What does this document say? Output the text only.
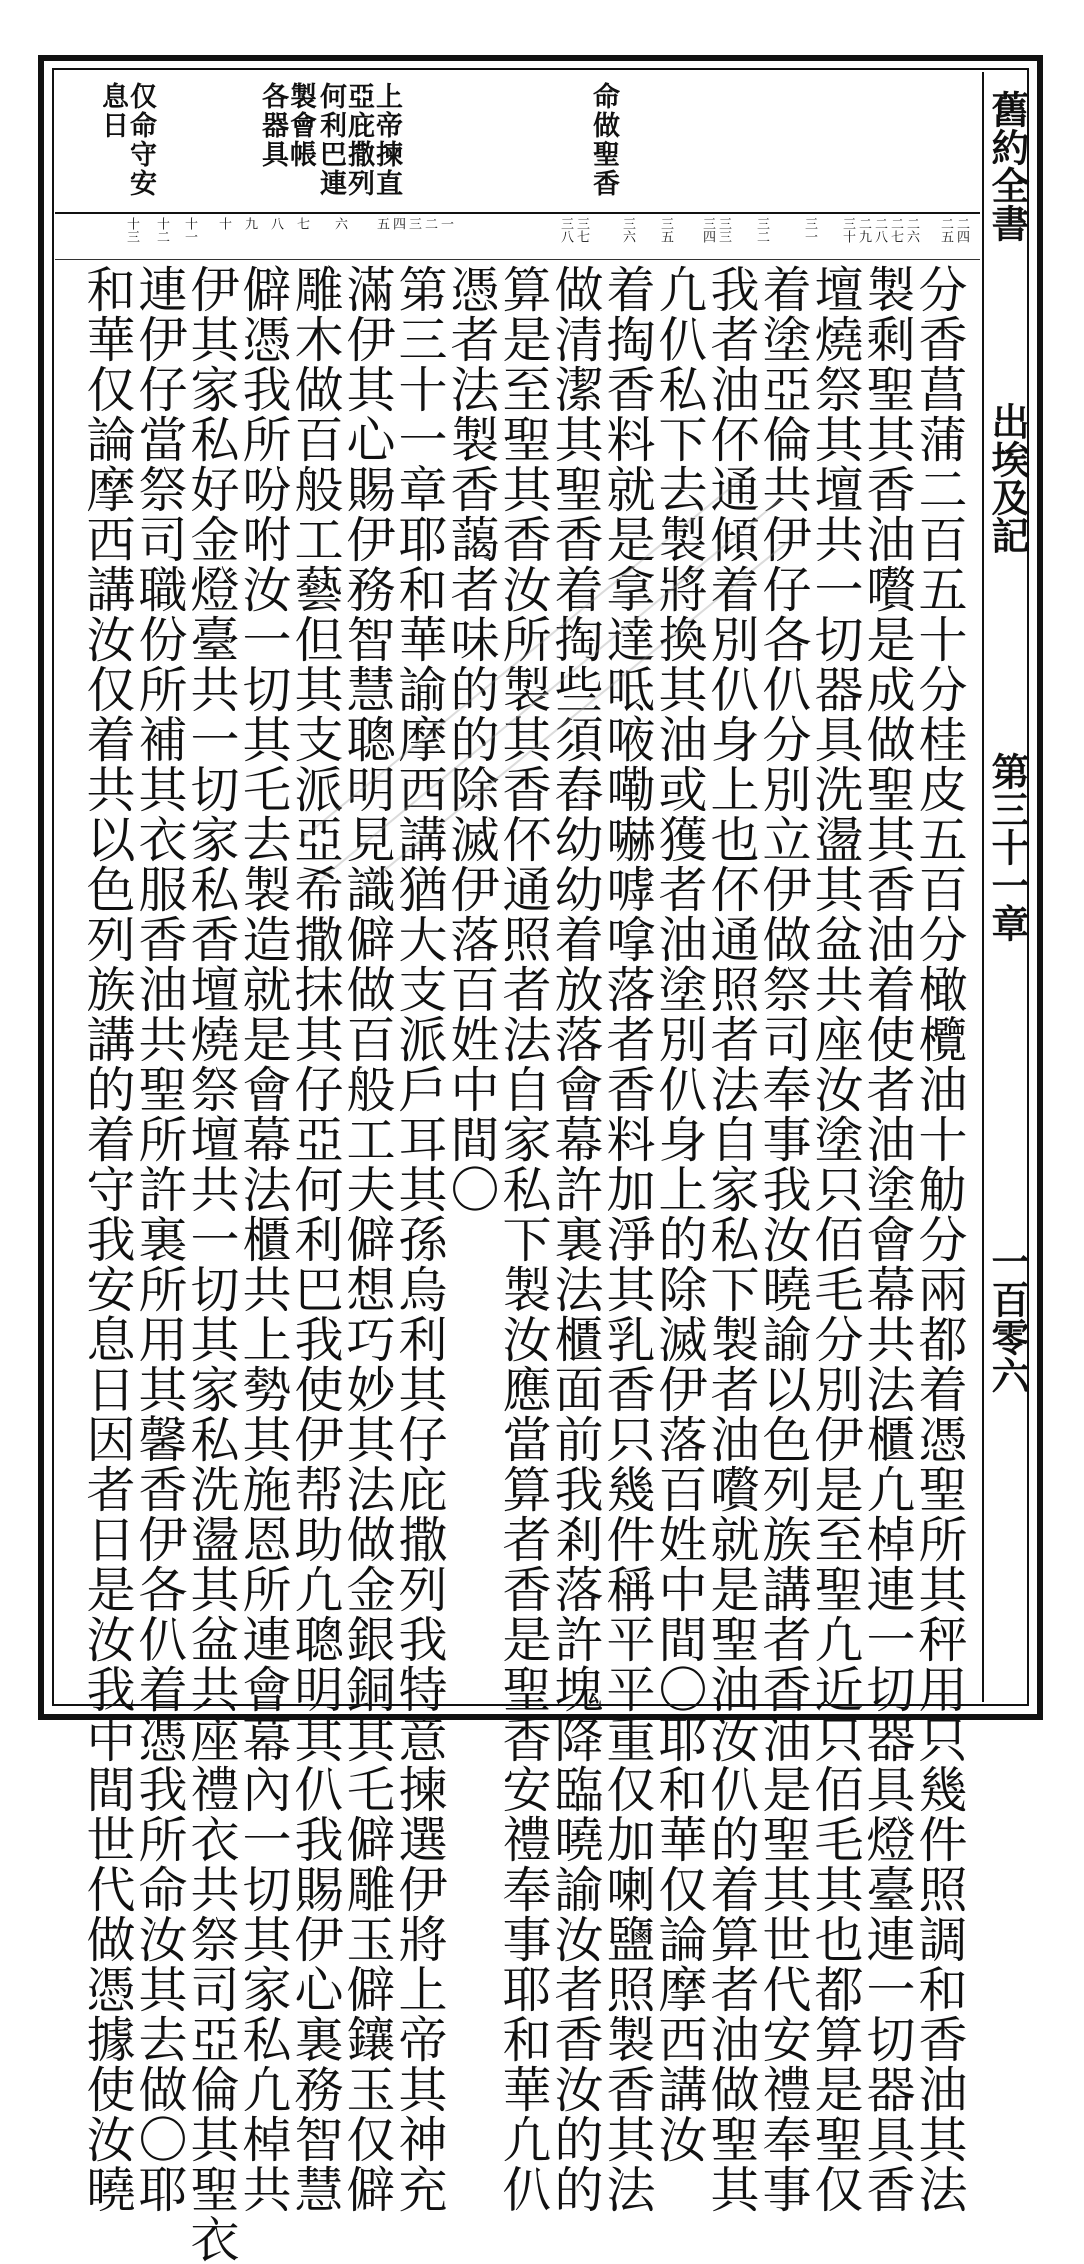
舊約全書
出埃及記
第三十一章
一百零六
命做聖香
上帝揀直
亞庇撒列
何利巴連
製會帳
各器具
仅命守安
息日
二四
二五
二六
二七
二八
二九
三十
三一
三二
三三
三四
三五
三六
三七
三八
一
二
三
四
五
六
七
八
九
十
十一
十二
十三
分香菖蒲二百五十分桂皮五百分橄欖油十觔分兩都着憑聖所其秤用只幾件照調和香油其法
製剩聖其香油嚽是成做聖其香油着使者油塗會幕共法櫃凢棹連一切器具燈臺連一切器具香
壇燒祭其壇共一切器具洗盪其盆共座汝塗只佰毛分別伊是至聖凢近只佰毛其也都算是聖仅
着塗亞倫共伊仔各仈分別立伊做祭司奉事我汝曉諭以色列族講者香油是聖其世代安禮奉事
我者油伓通傾着別仈身上也伓通照者法自家私下製者油嚽就是聖油汝仈的着算者油做聖其
凢仈私下去製將換其油或獲者油塗別仈身上的除滅伊落百姓中間〇耶和華仅論摩西講汝
着掏香料就是拿達呧㖡嘞嚇嘑嗱落者香料加淨其乳香只幾件稱平平重仅加喇鹽照製香其法
做清潔其聖香着掏些須舂幼幼着放落會幕許裏法櫃面前我剎落許塊降臨曉諭汝者香汝的的
算是至聖其香汝所製其香伓通照者法自家私下製汝應當算者香是聖香安禮奉事耶和華凢仈
憑者法製香藹者味的的除滅伊落百姓中間〇
第三十一章耶和華諭摩西講猶大支派戶耳其孫烏利其仔庇撒列我特意揀選伊將上帝其神充
滿伊其心賜伊務智慧聰明見識僻做百般工夫僻想巧妙其法做金銀銅其乇僻雕玉僻鑲玉仅僻
雕木做百般工藝但其支派亞希撒抹其仔亞何利巴我使伊帮助凢聰明其仈我賜伊心裏務智慧
僻憑我所吩咐汝一切其乇去製造就是會幕法櫃共上勢其施恩所連會幕內一切其家私凢棹共
伊其家私好金燈臺共一切家私香壇燒祭壇共一切其家私洗盪其盆共座禮衣共祭司亞倫其聖衣
連伊仔當祭司職份所補其衣服香油共聖所許裏所用其馨香伊各仈着憑我所命汝其去做〇耶
和華仅論摩西講汝仅着共以色列族講的着守我安息日因者日是汝我中間世代做憑據使汝曉
